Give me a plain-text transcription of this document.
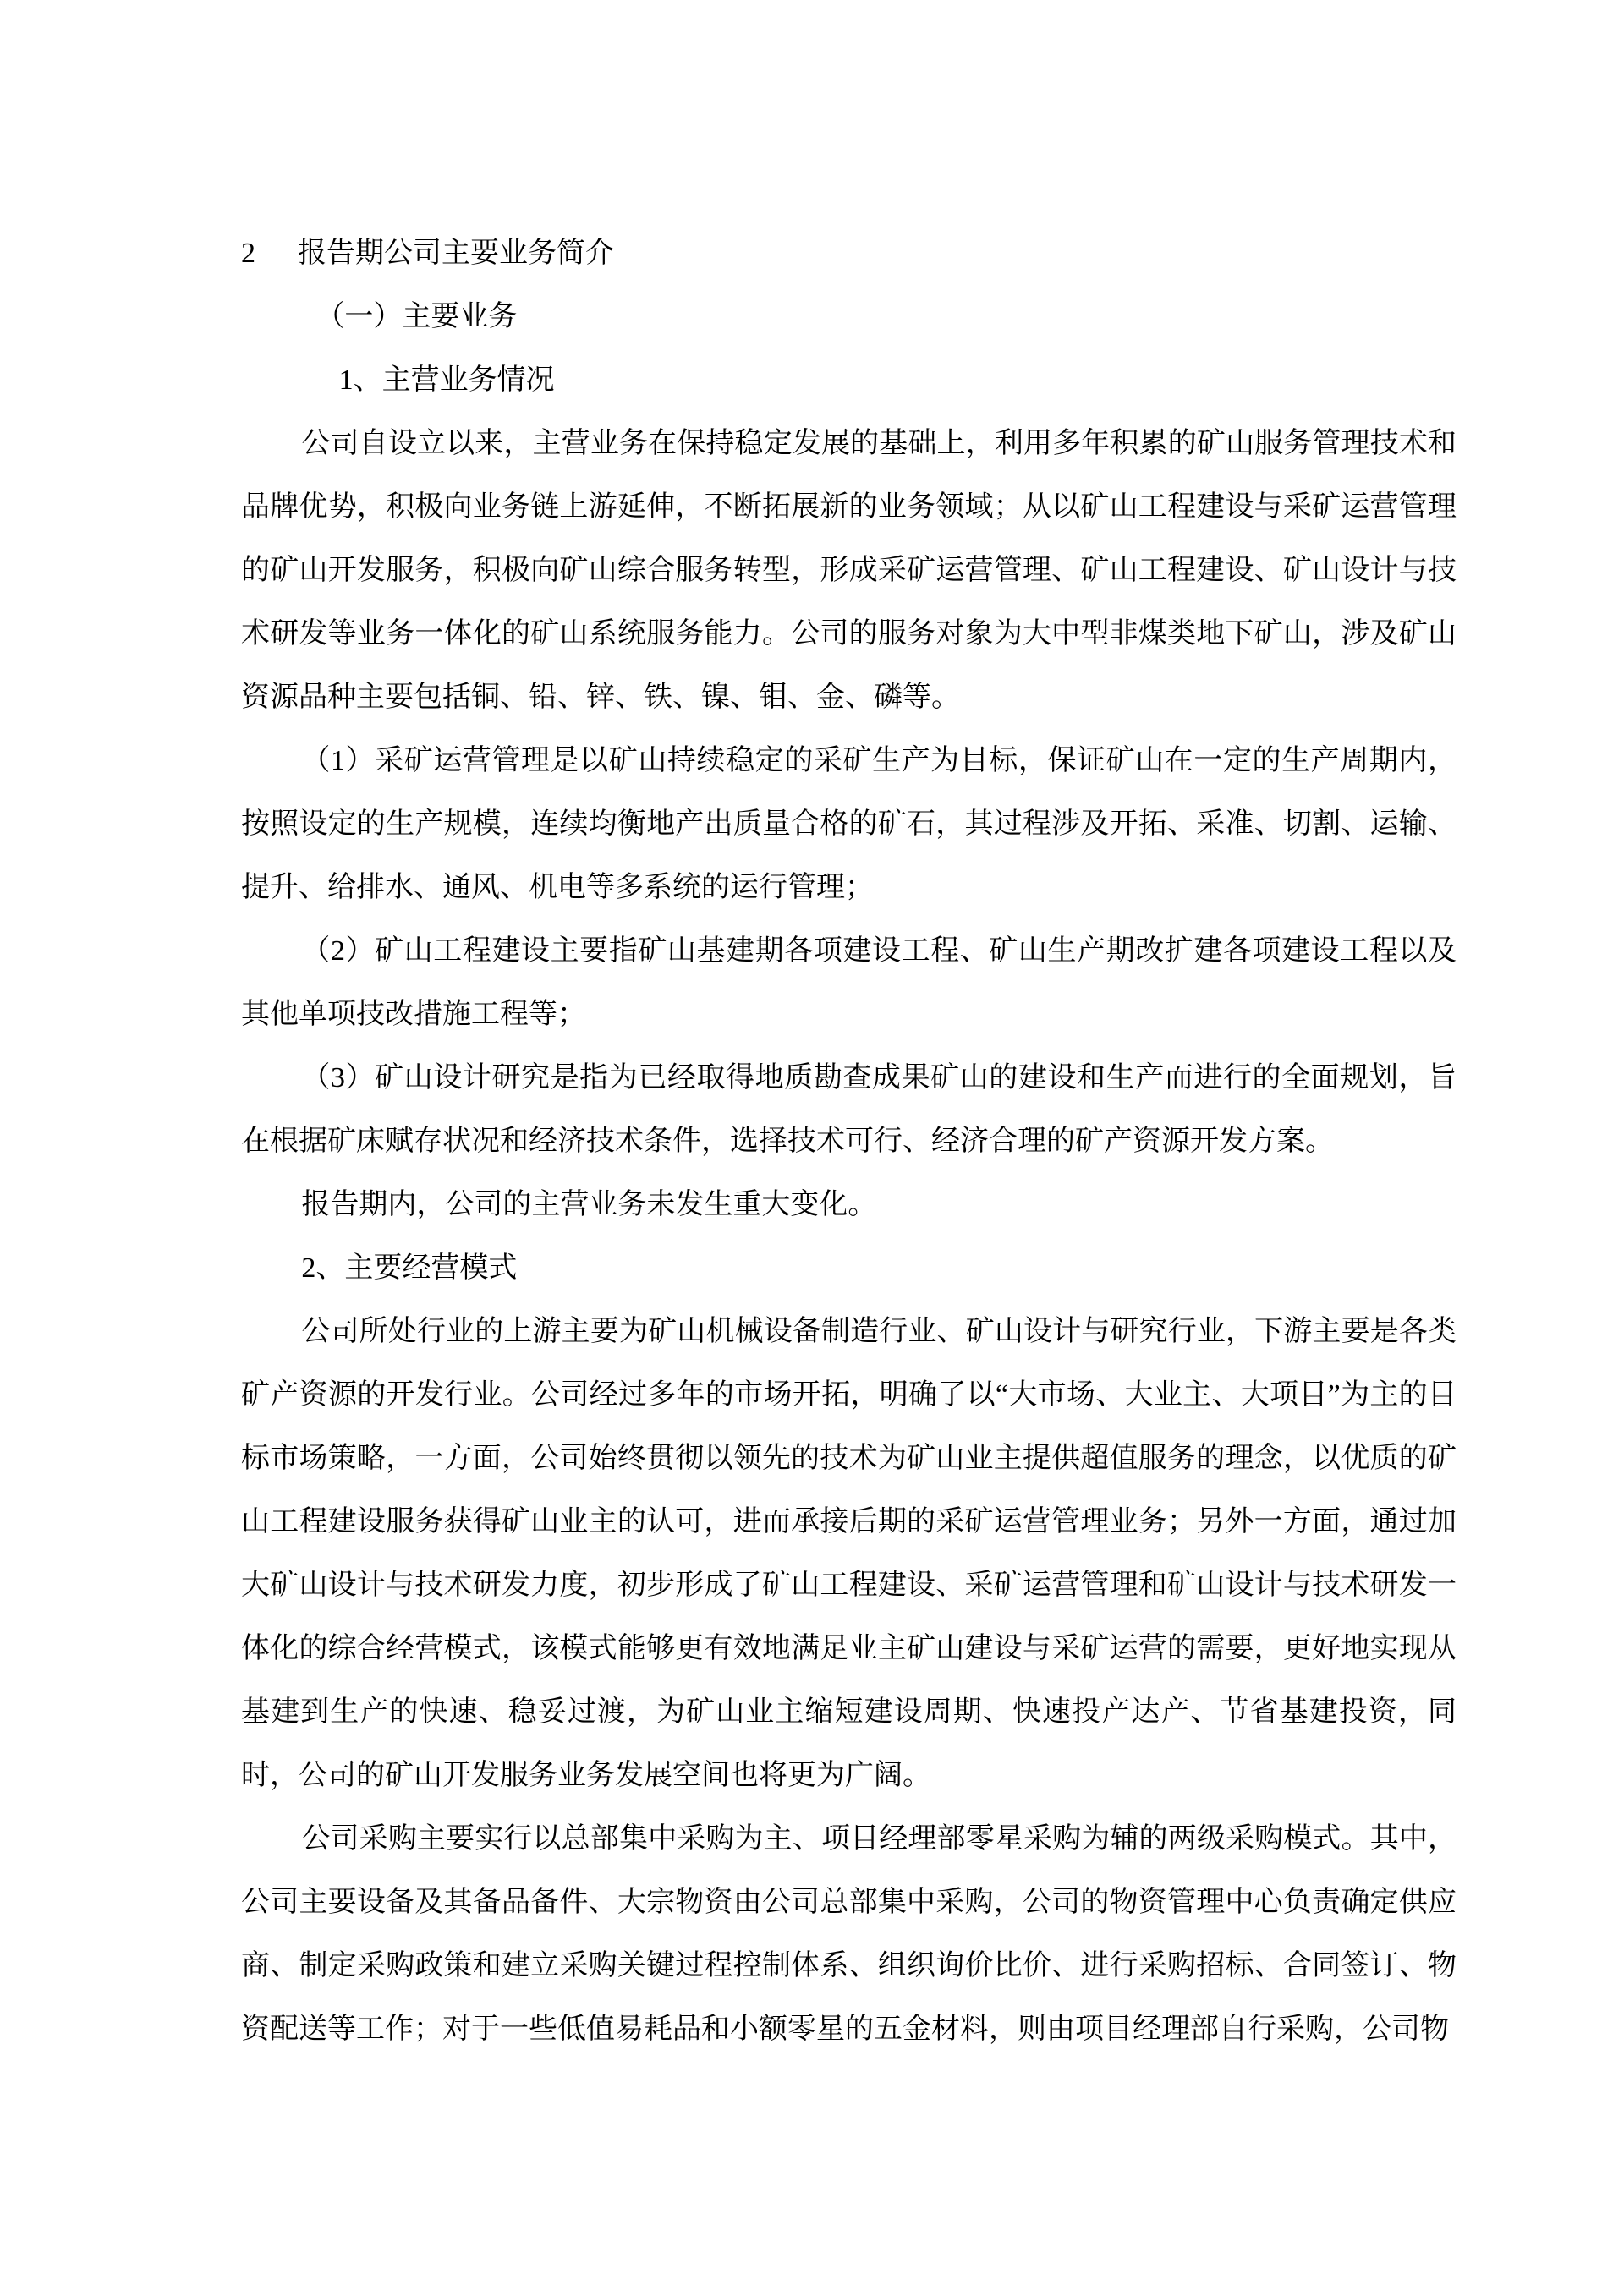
2 报告期公司主要业务简介

（一）主要业务

1、主营业务情况

公司自设立以来，主营业务在保持稳定发展的基础上，利用多年积累的矿山服务管理技术和品牌优势，积极向业务链上游延伸，不断拓展新的业务领域；从以矿山工程建设与采矿运营管理的矿山开发服务，积极向矿山综合服务转型，形成采矿运营管理、矿山工程建设、矿山设计与技术研发等业务一体化的矿山系统服务能力。公司的服务对象为大中型非煤类地下矿山，涉及矿山资源品种主要包括铜、铅、锌、铁、镍、钼、金、磷等。

（1）采矿运营管理是以矿山持续稳定的采矿生产为目标，保证矿山在一定的生产周期内，按照设定的生产规模，连续均衡地产出质量合格的矿石，其过程涉及开拓、采准、切割、运输、提升、给排水、通风、机电等多系统的运行管理；

（2）矿山工程建设主要指矿山基建期各项建设工程、矿山生产期改扩建各项建设工程以及其他单项技改措施工程等；

（3）矿山设计研究是指为已经取得地质勘查成果矿山的建设和生产而进行的全面规划，旨在根据矿床赋存状况和经济技术条件，选择技术可行、经济合理的矿产资源开发方案。

报告期内，公司的主营业务未发生重大变化。

2、主要经营模式

公司所处行业的上游主要为矿山机械设备制造行业、矿山设计与研究行业，下游主要是各类矿产资源的开发行业。公司经过多年的市场开拓，明确了以“大市场、大业主、大项目”为主的目标市场策略，一方面，公司始终贯彻以领先的技术为矿山业主提供超值服务的理念，以优质的矿山工程建设服务获得矿山业主的认可，进而承接后期的采矿运营管理业务；另外一方面，通过加大矿山设计与技术研发力度，初步形成了矿山工程建设、采矿运营管理和矿山设计与技术研发一体化的综合经营模式，该模式能够更有效地满足业主矿山建设与采矿运营的需要，更好地实现从基建到生产的快速、稳妥过渡，为矿山业主缩短建设周期、快速投产达产、节省基建投资，同时，公司的矿山开发服务业务发展空间也将更为广阔。

公司采购主要实行以总部集中采购为主、项目经理部零星采购为辅的两级采购模式。其中，公司主要设备及其备品备件、大宗物资由公司总部集中采购，公司的物资管理中心负责确定供应商、制定采购政策和建立采购关键过程控制体系、组织询价比价、进行采购招标、合同签订、物资配送等工作；对于一些低值易耗品和小额零星的五金材料，则由项目经理部自行采购，公司物
